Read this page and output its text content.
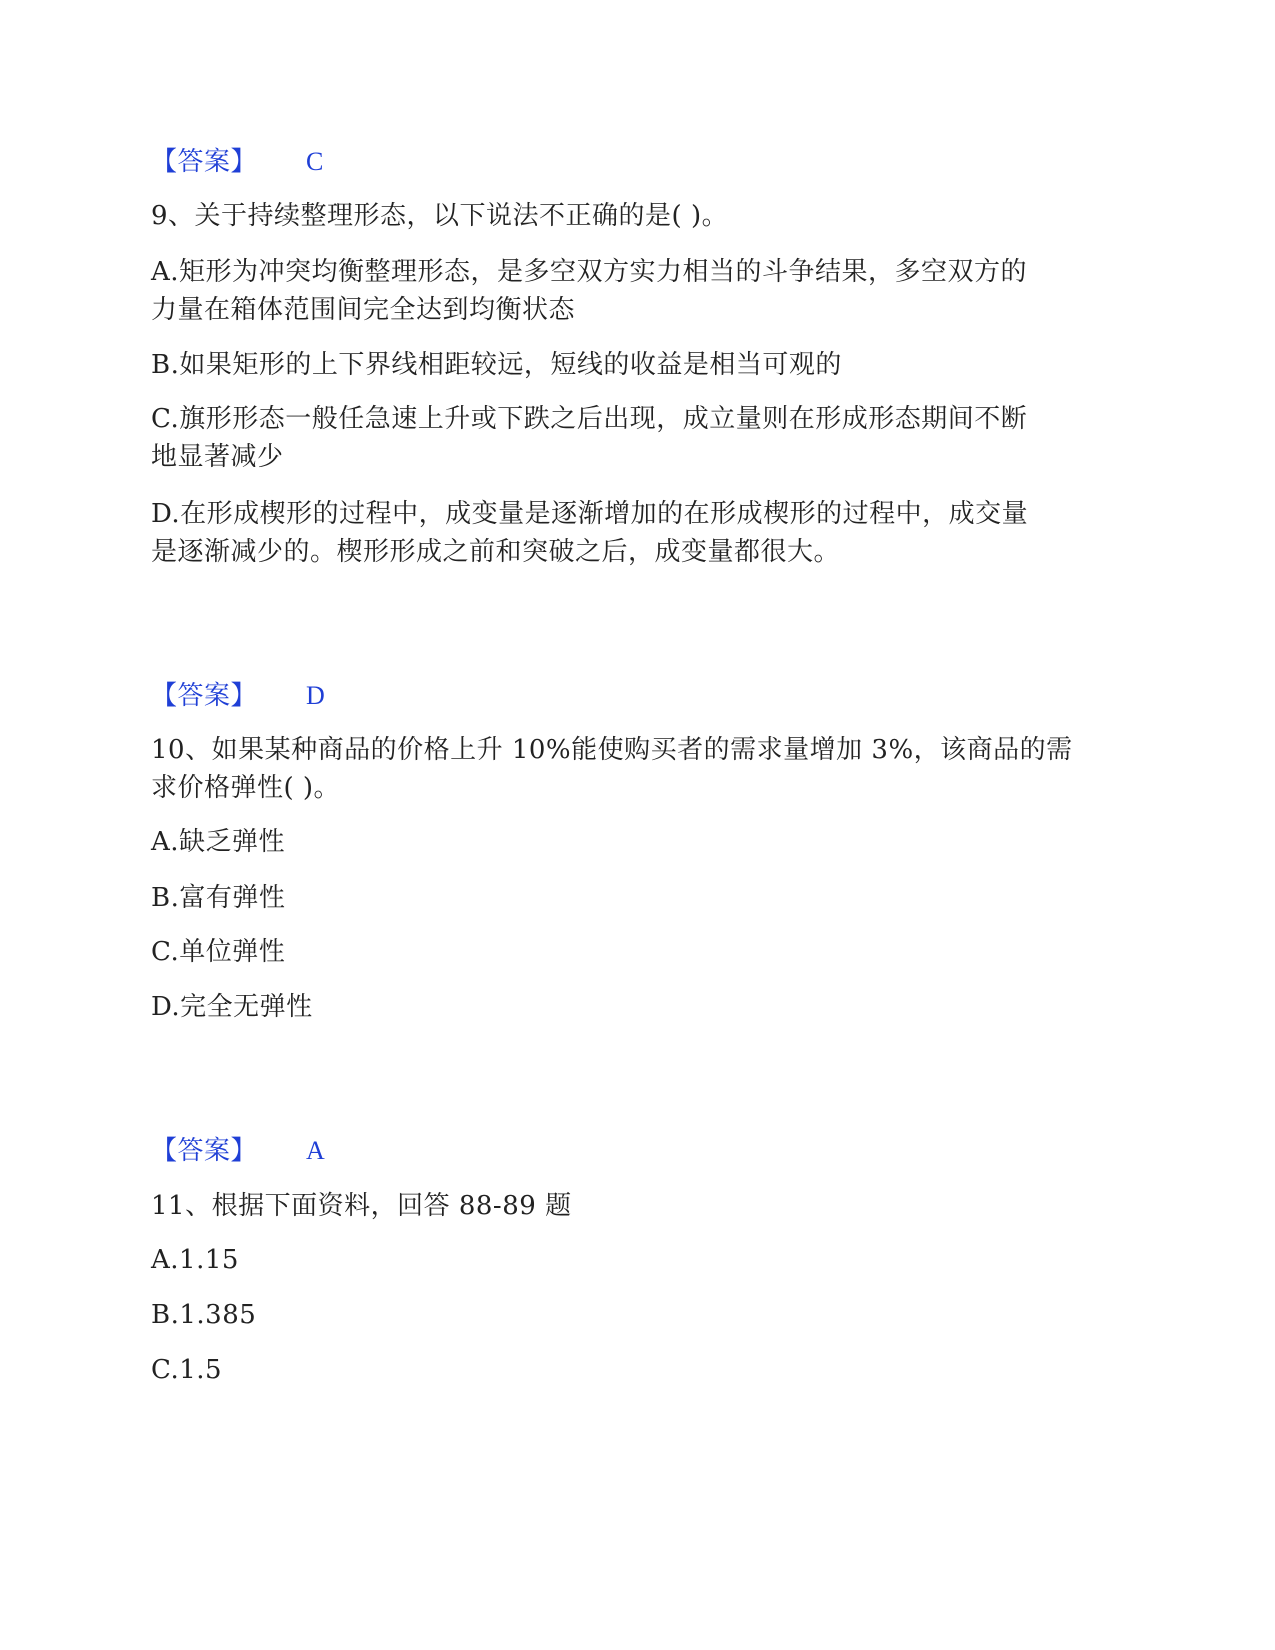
【答案】 C
9、关于持续整理形态，以下说法不正确的是( )。
A.矩形为冲突均衡整理形态，是多空双方实力相当的斗争结果，多空双方的
力量在箱体范围间完全达到均衡状态
B.如果矩形的上下界线相距较远，短线的收益是相当可观的
C.旗形形态一般任急速上升或下跌之后出现，成立量则在形成形态期间不断
地显著减少
D.在形成楔形的过程中，成变量是逐渐增加的在形成楔形的过程中，成交量
是逐渐减少的。楔形形成之前和突破之后，成变量都很大。
【答案】 D
10、如果某种商品的价格上升 10%能使购买者的需求量增加 3%，该商品的需
求价格弹性( )。
A.缺乏弹性
B.富有弹性
C.单位弹性
D.完全无弹性
【答案】 A
11、根据下面资料，回答 88-89 题
A.1.15
B.1.385
C.1.5
